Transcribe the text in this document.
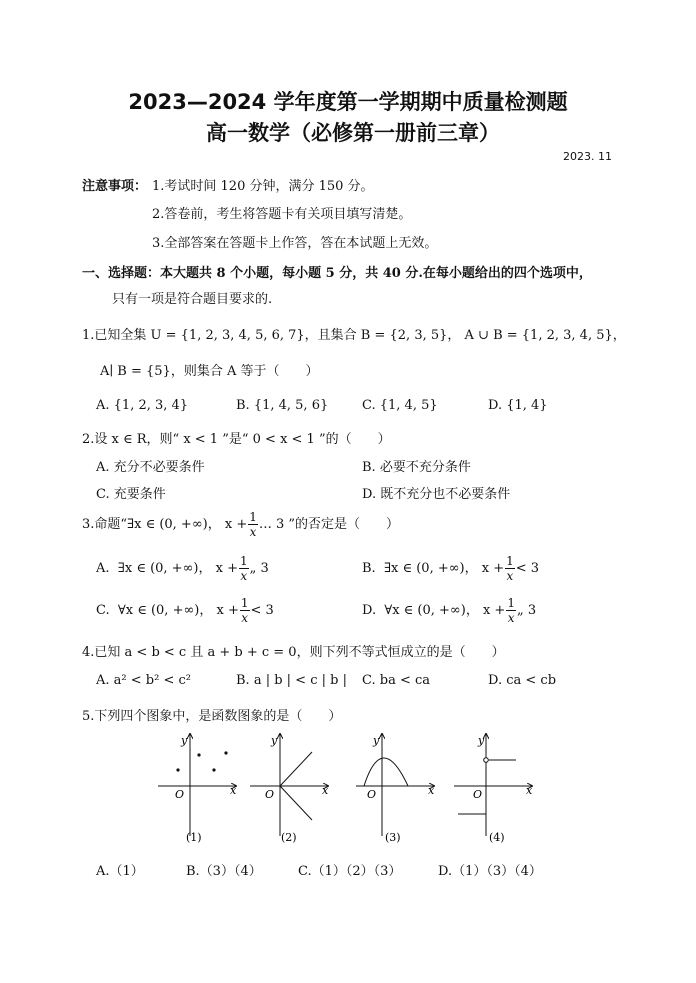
2023—2024 学年度第一学期期中质量检测题
高一数学（必修第一册前三章）
2023. 11
注意事项： 1.考试时间 120 分钟，满分 150 分。
2.答卷前，考生将答题卡有关项目填写清楚。
3.全部答案在答题卡上作答，答在本试题上无效。
一、选择题：本大题共 8 个小题，每小题 5 分，共 40 分.在每小题给出的四个选项中，
只有一项是符合题目要求的.
1.已知全集 U = {1, 2, 3, 4, 5, 6, 7}，且集合 B = {2, 3, 5}， A ∪ B = {1, 2, 3, 4, 5}，
A∣ B = {5}，则集合 A 等于（　　）
A. {1, 2, 3, 4}	B. {1, 4, 5, 6}	C. {1, 4, 5}	D. {1, 4}
2.设 x ∈ R，则“ x < 1 ”是“ 0 < x < 1 ”的（　　）
A. 充分不必要条件	B. 必要不充分条件
C. 充要条件	D. 既不充分也不必要条件
3.命题“∃x ∈ (0, +∞)， $x + \frac{1}{x}$ … 3 ”的否定是（　　）
A. ∃x ∈ (0, +∞)， $x + \frac{1}{x}$ „ 3	B. ∃x ∈ (0, +∞)， $x + \frac{1}{x} < 3$
C. ∀x ∈ (0, +∞)， $x + \frac{1}{x} < 3$	D. ∀x ∈ (0, +∞)， $x + \frac{1}{x}$ „ 3
4.已知 a < b < c 且 a + b + c = 0，则下列不等式恒成立的是（　　）
A. a² < b² < c²	B. a | b | < c | b | C. ba < ca	D. ca < cb
5.下列四个图象中，是函数图象的是（　　）
y
x
O
(1)
y
x
O
(2)
y
x
O
(3)
y
x
O
(4)
A.（1）	B.（3）（4）	C.（1）（2）（3）	D.（1）（3）（4）
